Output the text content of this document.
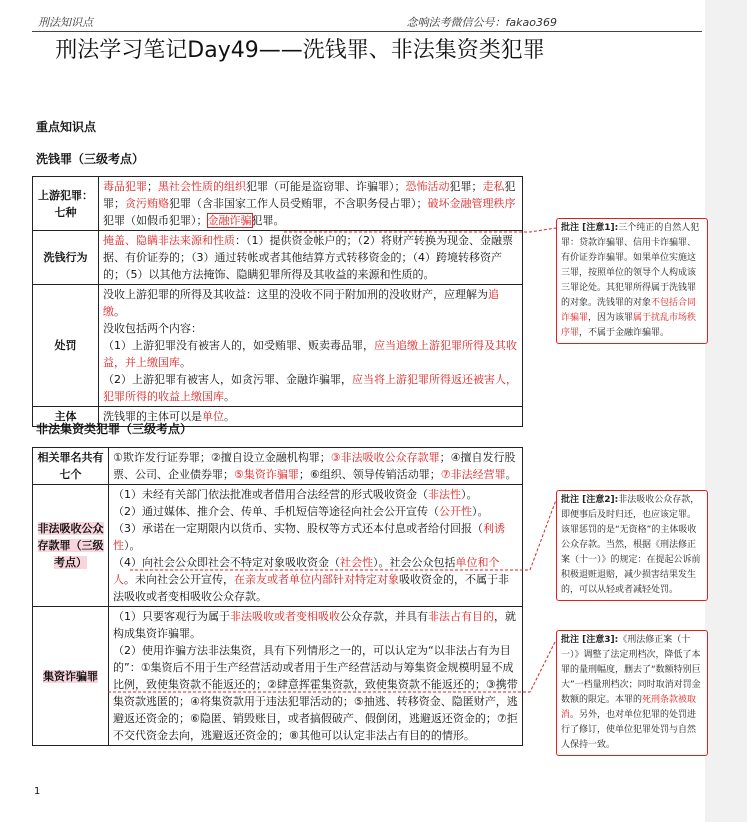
刑法知识点	念响法考微信公号：fakao369
刑法学习笔记Day49——洗钱罪、非法集资类犯罪
重点知识点
洗钱罪（三级考点）
上游犯罪：七种	毒品犯罪；黑社会性质的组织犯罪（可能是盗窃罪、诈骗罪）；恐怖活动犯罪；走私犯罪；贪污贿赂犯罪（含非国家工作人员受贿罪，不含职务侵占罪）；破坏金融管理秩序犯罪（如假币犯罪）；金融诈骗犯罪。
洗钱行为	掩盖、隐瞒非法来源和性质：（1）提供资金帐户的；（2）将财产转换为现金、金融票据、有价证券的；（3）通过转帐或者其他结算方式转移资金的；（4）跨境转移资产的；（5）以其他方法掩饰、隐瞒犯罪所得及其收益的来源和性质的。
处罚	没收上游犯罪的所得及其收益：这里的没收不同于附加刑的没收财产，应理解为追缴。
没收包括两个内容：
（1）上游犯罪没有被害人的，如受贿罪、贩卖毒品罪，应当追缴上游犯罪所得及其收益，并上缴国库。
（2）上游犯罪有被害人，如贪污罪、金融诈骗罪，应当将上游犯罪所得返还被害人，犯罪所得的收益上缴国库。

主体	洗钱罪的主体可以是单位。
非法集资类犯罪（三级考点）
相关罪名共有七个	①欺诈发行证券罪；②擅自设立金融机构罪；③非法吸收公众存款罪；④擅自发行股票、公司、企业债券罪；⑤集资诈骗罪；⑥组织、领导传销活动罪；⑦非法经营罪。
非法吸收公众存款罪（三级考点）	（1）未经有关部门依法批准或者借用合法经营的形式吸收资金（非法性）。
（2）通过媒体、推介会、传单、手机短信等途径向社会公开宣传（公开性）。
（3）承诺在一定期限内以货币、实物、股权等方式还本付息或者给付回报（利诱性）。
（4）向社会公众即社会不特定对象吸收资金（社会性）。社会公众包括单位和个人。未向社会公开宣传，在亲友或者单位内部针对特定对象吸收资金的，不属于非法吸收或者变相吸收公众存款。

集资诈骗罪	（1）只要客观行为属于非法吸收或者变相吸收公众存款，并具有非法占有目的，就构成集资诈骗罪。
（2）使用诈骗方法非法集资，具有下列情形之一的，可以认定为“以非法占有为目的”：①集资后不用于生产经营活动或者用于生产经营活动与筹集资金规模明显不成比例，致使集资款不能返还的；②肆意挥霍集资款，致使集资款不能返还的；③携带集资款逃匿的；④将集资款用于违法犯罪活动的；⑤抽逃、转移资金、隐匿财产，逃避返还资金的；⑥隐匿、销毁账目，或者搞假破产、假倒闭，逃避返还资金的；⑦拒不交代资金去向，逃避返还资金的；⑧其他可以认定非法占有目的的情形。
批注 [注意1]:三个纯正的自然人犯罪：贷款诈骗罪、信用卡诈骗罪、有价证券诈骗罪。如果单位实施这三罪，按照单位的领导个人构成该三罪论处。其犯罪所得属于洗钱罪的对象。洗钱罪的对象不包括合同诈骗罪，因为该罪属于扰乱市场秩序罪，不属于金融诈骗罪。
批注 [注意2]:非法吸收公众存款，即便事后及时归还，也应该定罪。该罪惩罚的是“无资格”的主体吸收公众存款。当然，根据《刑法修正案（十一）》的规定：在提起公诉前积极退赃退赔，减少损害结果发生的，可以从轻或者减轻处罚。
批注 [注意3]:《刑法修正案（十一）》调整了法定刑档次，降低了本罪的量刑幅度，删去了“数额特别巨大”一档量刑档次；同时取消对罚金数额的限定。本罪的死刑条款被取消。另外，也对单位犯罪的处罚进行了修订，使单位犯罪处罚与自然人保持一致。
1
